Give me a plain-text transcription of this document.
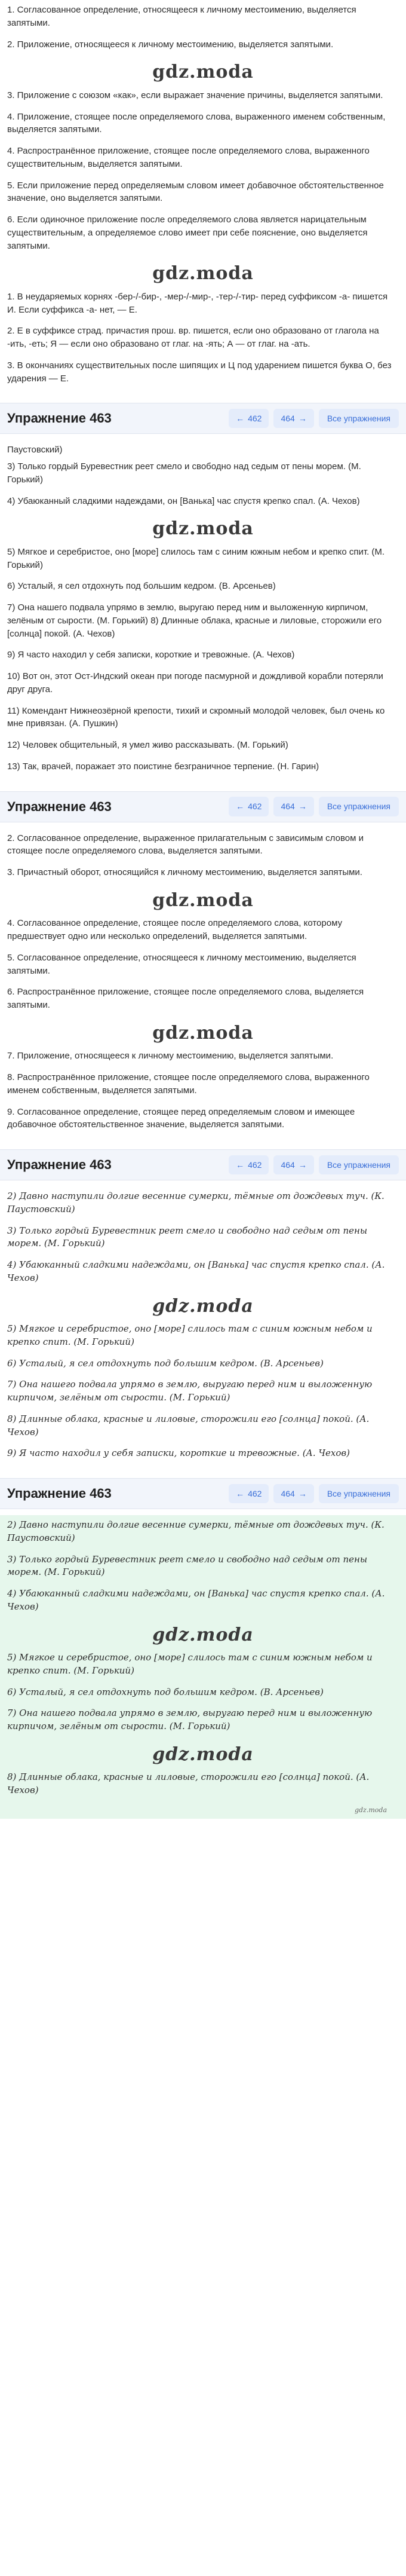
1. Согласованное определение, относящееся к личному местоимению, выделяется запятыми.
2. Приложение, относящееся к личному местоимению, выделяется запятыми.
gdz.moda
3. Приложение с союзом «как», если выражает значение причины, выделяется запятыми.
4. Приложение, стоящее после определяемого слова, выраженного именем собственным, выделяется запятыми.
4. Распространённое приложение, стоящее после определяемого слова, выраженного существительным, выделяется запятыми.
5. Если приложение перед определяемым словом имеет добавочное обстоятельственное значение, оно выделяется запятыми.
6. Если одиночное приложение после определяемого слова является нарицательным существительным, а определяемое слово имеет при себе пояснение, оно выделяется запятыми.
gdz.moda
1. В неударяемых корнях -бер-/-бир-, -мер-/-мир-, -тер-/-тир- перед суффиксом -а- пишется И. Если суффикса -а- нет, — Е.
2. Е в суффиксе страд. причастия прош. вр. пишется, если оно образовано от глагола на -ить, -еть; Я — если оно образовано от глаг. на -ять; А — от глаг. на -ать.
3. В окончаниях существительных после шипящих и Ц под ударением пишется буква О, без ударения — Е.
Упражнение 463	← 462 464 →	Все упражнения
Паустовский)
3) Только гордый Буревестник реет смело и свободно над седым от пены морем. (М. Горький)
4) Убаюканный сладкими надеждами, он [Ванька] час спустя крепко спал. (А. Чехов)
gdz.moda
5) Мягкое и серебристое, оно [море] слилось там с синим южным небом и крепко спит. (М. Горький)
6) Усталый, я сел отдохнуть под большим кедром. (В. Арсеньев)
7) Она нашего подвала упрямо в землю, выругаю перед ним и выложенную кирпичом, зелёным от сырости. (М. Горький) 8) Длинные облака, красные и лиловые, сторожили его [солнца] покой. (А. Чехов)
9) Я часто находил у себя записки, короткие и тревожные. (А. Чехов)
10) Вот он, этот Ост-Индский океан при погоде пасмурной и дождливой корабли потеряли друг друга.
11) Комендант Нижнеозёрной крепости, тихий и скромный молодой человек, был очень ко мне привязан. (А. Пушкин)
12) Человек общительный, я умел живо рассказывать. (М. Горький)
13) Так, врачей, поражает это поистине безграничное терпение. (Н. Гарин)
Упражнение 463	← 462 464 →	Все упражнения
2. Согласованное определение, выраженное прилагательным с зависимым словом и стоящее после определяемого слова, выделяется запятыми.
3. Причастный оборот, относящийся к личному местоимению, выделяется запятыми.
gdz.moda
4. Согласованное определение, стоящее после определяемого слова, которому предшествует одно или несколько определений, выделяется запятыми.
5. Согласованное определение, относящееся к личному местоимению, выделяется запятыми.
6. Распространённое приложение, стоящее после определяемого слова, выделяется запятыми.
gdz.moda
7. Приложение, относящееся к личному местоимению, выделяется запятыми.
8. Распространённое приложение, стоящее после определяемого слова, выраженного именем собственным, выделяется запятыми.
9. Согласованное определение, стоящее перед определяемым словом и имеющее добавочное обстоятельственное значение, выделяется запятыми.
Упражнение 463	← 462 464 →	Все упражнения
2) Давно наступили долгие весенние сумерки, тёмные от дождевых туч. (К. Паустовский)
3) Только гордый Буревестник реет смело и свободно над седым от пены морем. (М. Горький)
4) Убаюканный сладкими надеждами, он [Ванька] час спустя крепко спал. (А. Чехов)
gdz.moda
5) Мягкое и серебристое, оно [море] слилось там с синим южным небом и крепко спит. (М. Горький)
6) Усталый, я сел отдохнуть под большим кедром. (В. Арсеньев)
7) Она нашего подвала упрямо в землю, выругаю перед ним и выложенную кирпичом, зелёным от сырости. (М. Горький)
8) Длинные облака, красные и лиловые, сторожили его [солнца] покой. (А. Чехов)
9) Я часто находил у себя записки, короткие и тревожные. (А. Чехов)
Упражнение 463	← 462 464 →	Все упражнения
2) Давно наступили долгие весенние сумерки, тёмные от дождевых туч. (К. Паустовский)
3) Только гордый Буревестник реет смело и свободно над седым от пены морем. (М. Горький)
4) Убаюканный сладкими надеждами, он [Ванька] час спустя крепко спал. (А. Чехов)
gdz.moda
5) Мягкое и серебристое, оно [море] слилось там с синим южным небом и крепко спит. (М. Горький)
6) Усталый, я сел отдохнуть под большим кедром. (В. Арсеньев)
7) Она нашего подвала упрямо в землю, выругаю перед ним и выложенную кирпичом, зелёным от сырости. (М. Горький)
gdz.moda
8) Длинные облака, красные и лиловые, сторожили его [солнца] покой. (А. Чехов)
gdz.moda
